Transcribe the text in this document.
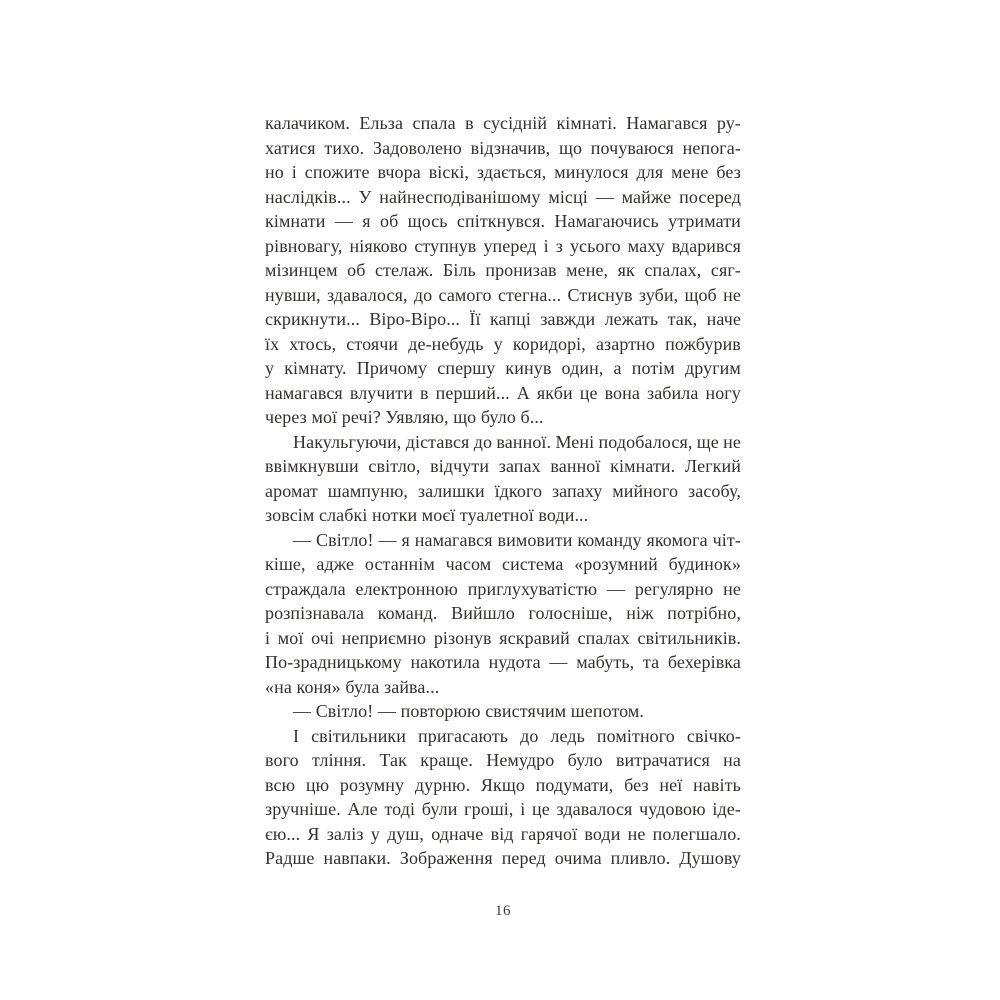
калачиком. Ельза спала в сусідній кімнаті. Намагався ру-
хатися тихо. Задоволено відзначив, що почуваюся непога-
но і спожите вчора віскі, здається, минулося для мене без
наслідків... У найнесподіванішому місці — майже посеред
кімнати — я об щось спіткнувся. Намагаючись утримати
рівновагу, ніяково ступнув уперед і з усього маху вдарився
мізинцем об стелаж. Біль пронизав мене, як спалах, сяг-
нувши, здавалося, до самого стегна... Стиснув зуби, щоб не
скрикнути... Віро-Віро... Її капці завжди лежать так, наче
їх хтось, стоячи де-небудь у коридорі, азартно пожбурив
у кімнату. Причому спершу кинув один, а потім другим
намагався влучити в перший... А якби це вона забила ногу
через мої речі? Уявляю, що було б...
Накульгуючи, дістався до ванної. Мені подобалося, ще не
ввімкнувши світло, відчути запах ванної кімнати. Легкий
аромат шампуню, залишки їдкого запаху мийного засобу,
зовсім слабкі нотки моєї туалетної води...
— Світло! — я намагався вимовити команду якомога чіт-
кіше, адже останнім часом система «розумний будинок»
страждала електронною приглухуватістю — регулярно не
розпізнавала команд. Вийшло голосніше, ніж потрібно,
і мої очі неприємно різонув яскравий спалах світильників.
По-зрадницькому накотила нудота — мабуть, та бехерівка
«на коня» була зайва...
— Світло! — повторюю свистячим шепотом.
І світильники пригасають до ледь помітного свічко-
вого тління. Так краще. Немудро було витрачатися на
всю цю розумну дурню. Якщо подумати, без неї навіть
зручніше. Але тоді були гроші, і це здавалося чудовою іде-
єю... Я заліз у душ, одначе від гарячої води не полегшало.
Радше навпаки. Зображення перед очима пливло. Душову
16
